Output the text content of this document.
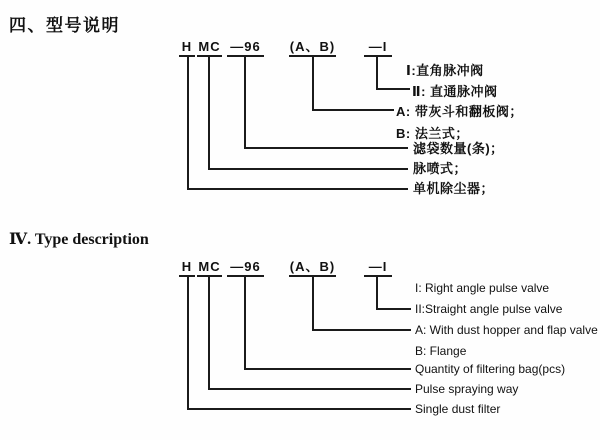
四、型号说明
H MC —96 (A、B)	—I
Ⅰ:直角脉冲阀
Ⅱ: 直通脉冲阀
A: 带灰斗和翻板阀；
B: 法兰式；
滤袋数量(条)；
脉喷式；
单机除尘器；
Ⅳ. Type description
H MC —96 (A、B)	—I
I: Right angle pulse valve
II:Straight angle pulse valve
A: With dust hopper and flap valve
B: Flange
Quantity of filtering bag(pcs)
Pulse spraying way
Single dust filter
